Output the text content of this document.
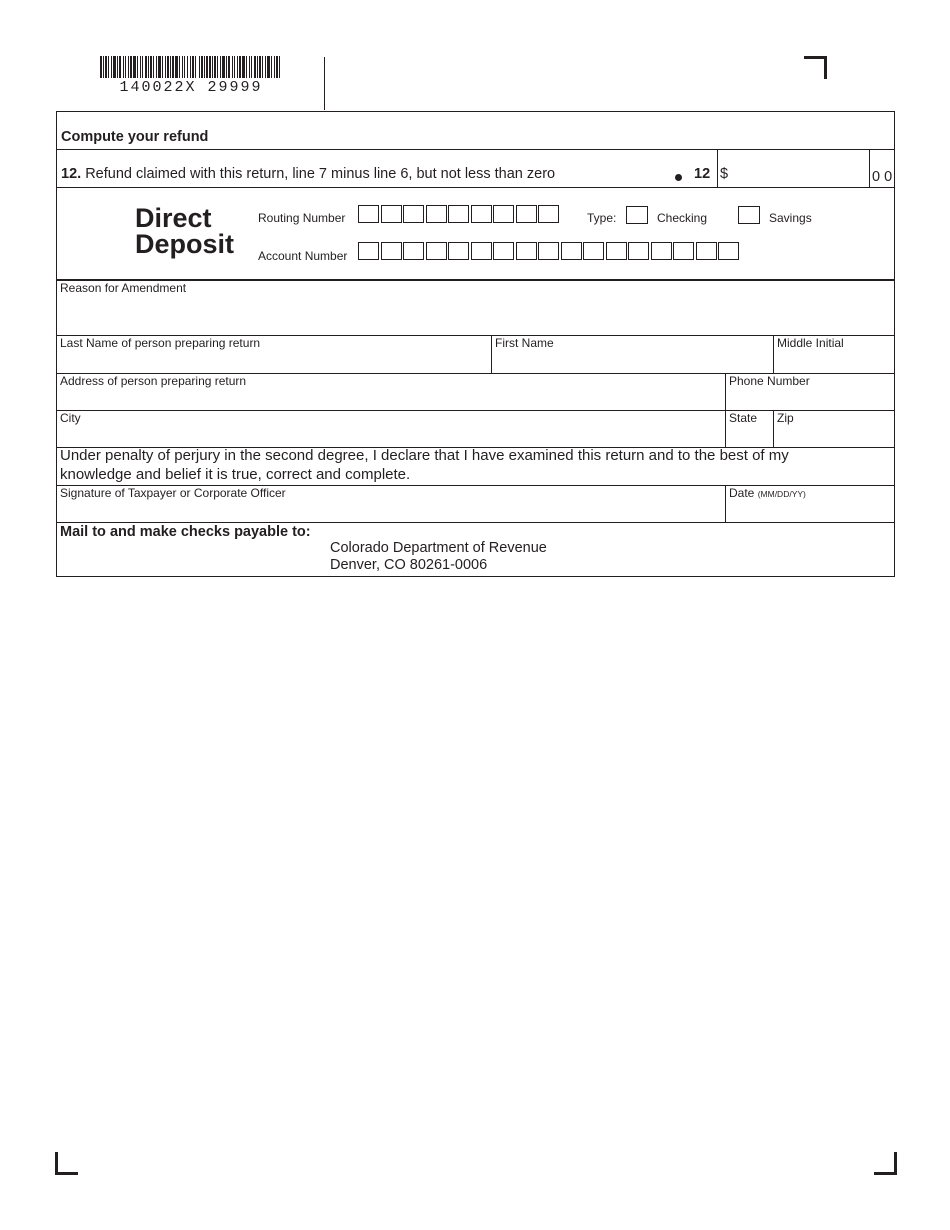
140022X 29999
Compute your refund
12. Refund claimed with this return, line 7 minus line 6, but not less than zero	12 $	0 0
Direct
Deposit
Routing Number
Account Number
Type:	Checking	Savings
Reason for Amendment
Last Name of person preparing return	First Name	Middle Initial
Address of person preparing return	Phone Number
City	State Zip
Under penalty of perjury in the second degree, I declare that I have examined this return and to the best of my
knowledge and belief it is true, correct and complete.
Signature of Taxpayer or Corporate Officer	Date (MM/DD/YY)
Mail to and make checks payable to:
Colorado Department of Revenue
Denver, CO 80261-0006
